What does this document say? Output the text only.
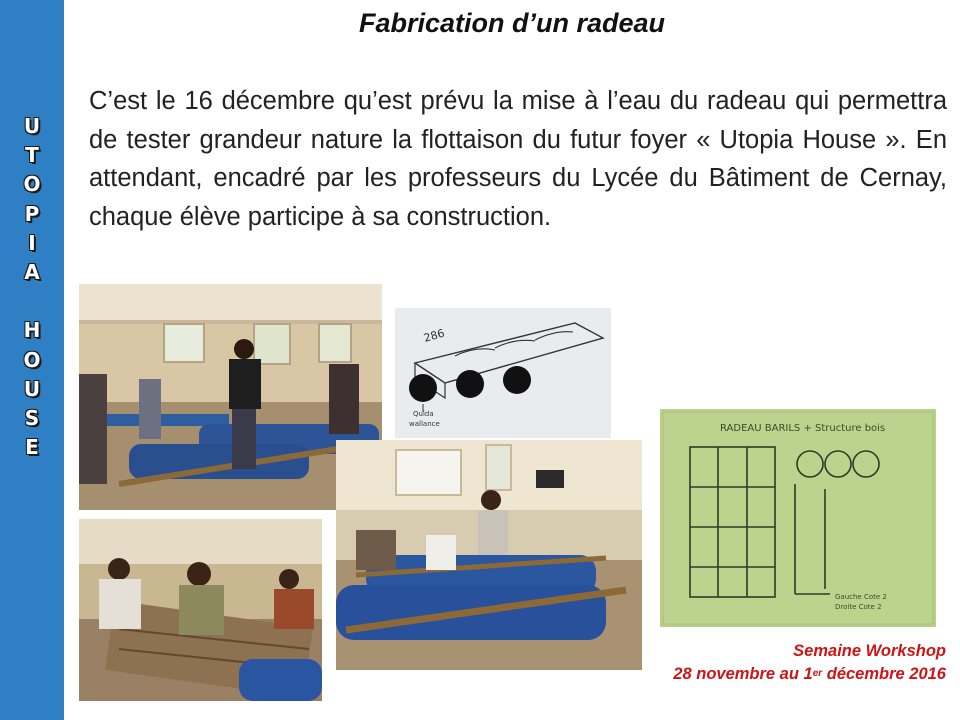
U
T
O
P
I
A
H
O
U
S
E
Fabrication d’un radeau

C’est le 16 décembre qu’est prévu la mise à l’eau du radeau qui permettra de tester grandeur nature la flottaison du futur foyer « Utopia House ». En attendant, encadré par les professeurs du Lycée du Bâtiment de Cernay, chaque élève participe à sa construction.

286
Quida
wallance	RADEAU BARILS + Structure bois
Gauche Cote 2
Droite Cote 2
Semaine Workshop
28 novembre au 1er décembre 2016
